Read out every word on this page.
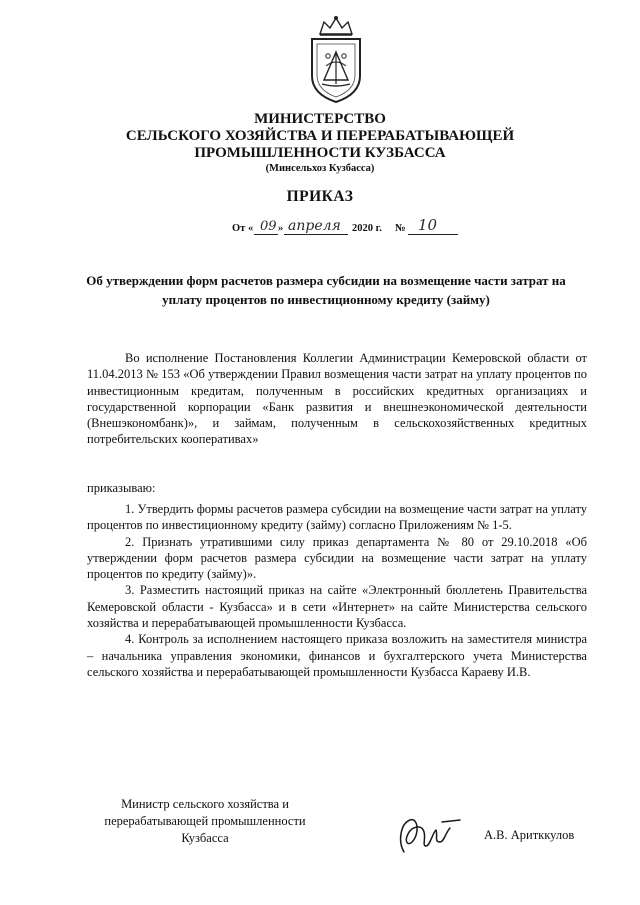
МИНИСТЕРСТВО
СЕЛЬСКОГО ХОЗЯЙСТВА И ПЕРЕРАБАТЫВАЮЩЕЙ
ПРОМЫШЛЕННОСТИ КУЗБАССА
(Минсельхоз Кузбасса)
ПРИКАЗ
От « 09 » апреля 2020 г. № 10
Об утверждении форм расчетов размера субсидии на возмещение части затрат на уплату процентов по инвестиционному кредиту (займу)
Во исполнение Постановления Коллегии Администрации Кемеровской области от 11.04.2013 № 153 «Об утверждении Правил возмещения части затрат на уплату процентов по инвестиционным кредитам, полученным в российских кредитных организациях и государственной корпорации «Банк развития и внешнеэкономической деятельности (Внешэкономбанк)», и займам, полученным в сельскохозяйственных кредитных потребительских кооперативах»
приказываю:

1. Утвердить формы расчетов размера субсидии на возмещение части затрат на уплату процентов по инвестиционному кредиту (займу) согласно Приложениям № 1-5.

2. Признать утратившими силу приказ департамента № 80 от 29.10.2018 «Об утверждении форм расчетов размера субсидии на возмещение части затрат на уплату процентов по кредиту (займу)».

3. Разместить настоящий приказ на сайте «Электронный бюллетень Правительства Кемеровской области - Кузбасса» и в сети «Интернет» на сайте Министерства сельского хозяйства и перерабатывающей промышленности Кузбасса.

4. Контроль за исполнением настоящего приказа возложить на заместителя министра – начальника управления экономики, финансов и бухгалтерского учета Министерства сельского хозяйства и перерабатывающей промышленности Кузбасса Караеву И.В.

Министр сельского хозяйства и
перерабатывающей промышленности
Кузбасса	А.В. Аритккулов
